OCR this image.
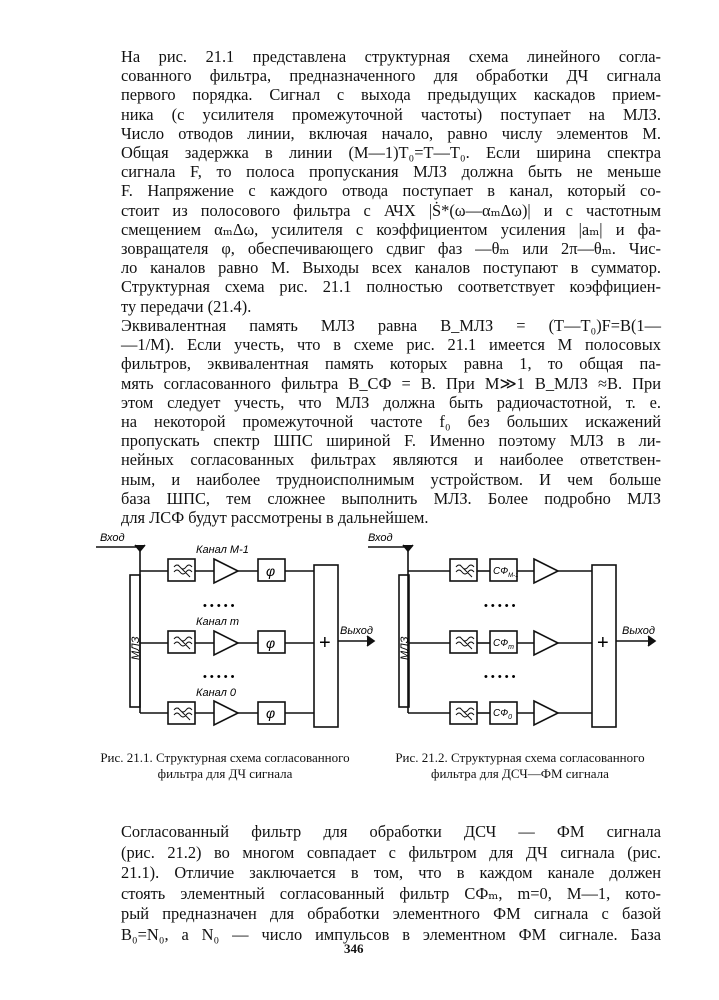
На рис. 21.1 представлена структурная схема линейного согла-
сованного фильтра, предназначенного для обработки ДЧ сигнала
первого порядка. Сигнал с выхода предыдущих каскадов прием-
ника (с усилителя промежуточной частоты) поступает на МЛЗ.
Число отводов линии, включая начало, равно числу элементов M.
Общая задержка в линии (M—1)T₀=T—T₀. Если ширина спектра
сигнала F, то полоса пропускания МЛЗ должна быть не меньше
F. Напряжение с каждого отвода поступает в канал, который со-
стоит из полосового фильтра с АЧХ |Ṡ*(ω—αₘΔω)| и с частотным
смещением αₘΔω, усилителя с коэффициентом усиления |aₘ| и фа-
зовращателя φ, обеспечивающего сдвиг фаз —θₘ или 2π—θₘ. Чис-
ло каналов равно M. Выходы всех каналов поступают в сумматор.
Структурная схема рис. 21.1 полностью соответствует коэффициен-
ту передачи (21.4).

Эквивалентная память МЛЗ равна B_МЛЗ = (T—T₀)F=B(1—
—1/M). Если учесть, что в схеме рис. 21.1 имеется M полосовых
фильтров, эквивалентная память которых равна 1, то общая па-
мять согласованного фильтра B_СФ = B. При M≫1 B_МЛЗ ≈B. При
этом следует учесть, что МЛЗ должна быть радиочастотной, т. е.
на некоторой промежуточной частоте f₀ без больших искажений
пропускать спектр ШПС шириной F. Именно поэтому МЛЗ в ли-
нейных согласованных фильтрах являются и наиболее ответствен-
ным, и наиболее трудноисполнимым устройством. И чем больше
база ШПС, тем сложнее выполнить МЛЗ. Более подробно МЛЗ
для ЛСФ будут рассмотрены в дальнейшем.

Вход
Выход
МЛЗ
Канал M-1
Канал m
Канал 0
φ
φ
φ
+
• • • • •
• • • • •
Рис. 21.1. Структурная схема согласованного фильтра для ДЧ сигнала
Вход
Выход
МЛЗ
$СФ_{M-1}$
$СФ_m$
$СФ_0$
+
• • • • •
• • • • •
Рис. 21.2. Структурная схема согласованного фильтра для ДСЧ—ФМ сигнала

Согласованный фильтр для обработки ДСЧ — ФМ сигнала
(рис. 21.2) во многом совпадает с фильтром для ДЧ сигнала (рис.
21.1). Отличие заключается в том, что в каждом канале должен
стоять элементный согласованный фильтр СФₘ, m=0, M—1, кото-
рый предназначен для обработки элементного ФМ сигнала с базой
B₀=N₀, а N₀ — число импульсов в элементном ФМ сигнале. База

346
